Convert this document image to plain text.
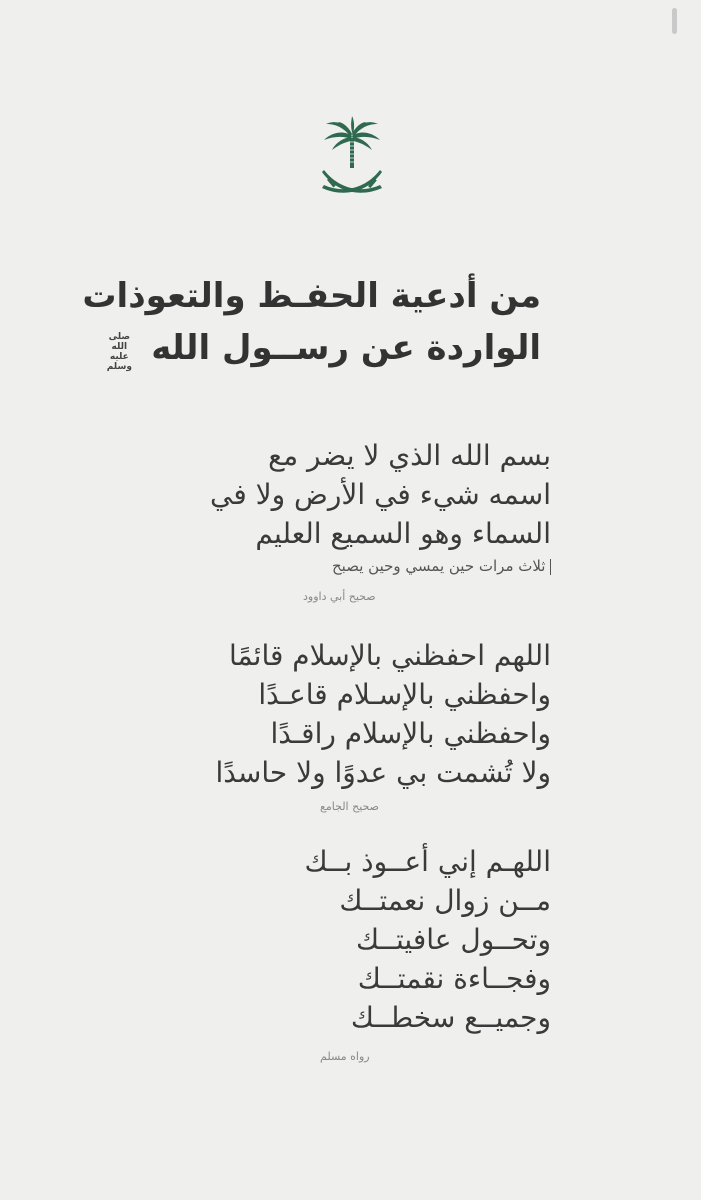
من أدعية الحفـظ والتعوذات
الواردة عن رســول الله صلى الله
عليه
وسلم
بسم الله الذي لا يضر مع
اسمه شيء في الأرض ولا في
السماء وهو السميع العليم
ثلاث مرات حين يمسي وحين يصبح
صحيح أبي داوود
اللهم احفظني بالإسلام قائمًا
واحفظني بالإسـلام قاعـدًا
واحفظني بالإسلام راقـدًا
ولا تُشمت بي عدوًا ولا حاسدًا
صحيح الجامع
اللهـم إني أعــوذ بــك
مــن زوال نعمتــك
وتحــول عافيتــك
وفجــاءة نقمتــك
وجميــع سخطــك
رواه مسلم
